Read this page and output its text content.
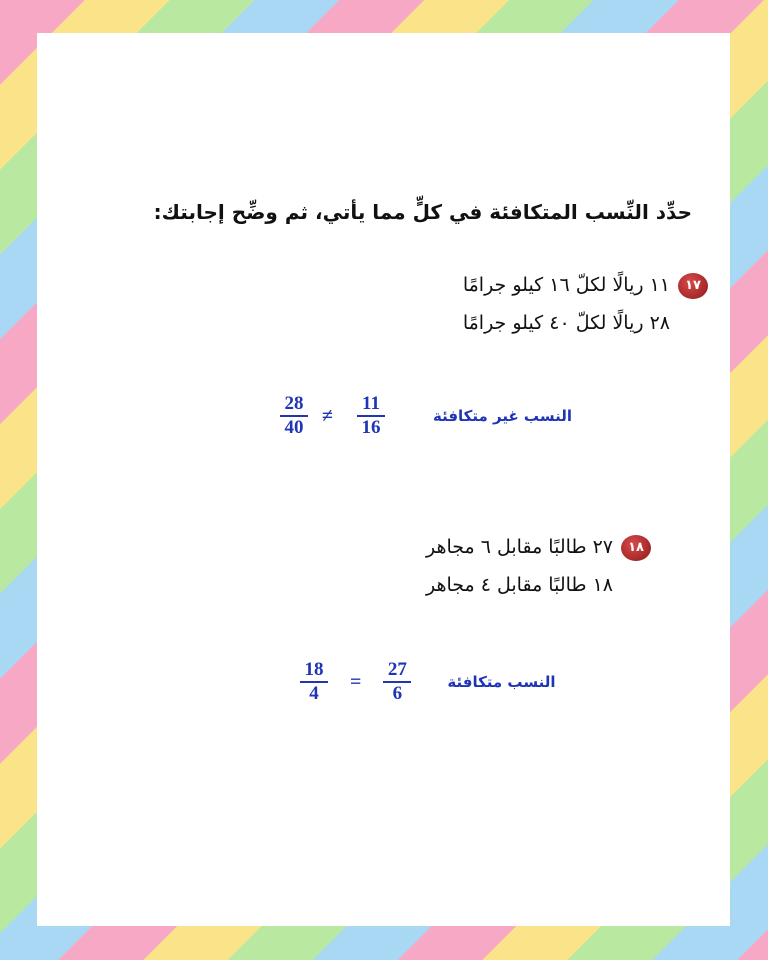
حدِّد النِّسب المتكافئة في كلٍّ مما يأتي، ثم وضِّح إجابتك:
١٧١١ ريالًا لكلّ ١٦ كيلو جرامًا
٢٨ ريالًا لكلّ ٤٠ كيلو جرامًا
$\frac{28}{40} \ne \frac{11}{16}$	النسب غير متكافئة
١٨٢٧ طالبًا مقابل ٦ مجاهر
١٨ طالبًا مقابل ٤ مجاهر
$\frac{18}{4} = \frac{27}{6}$ النسب متكافئة
